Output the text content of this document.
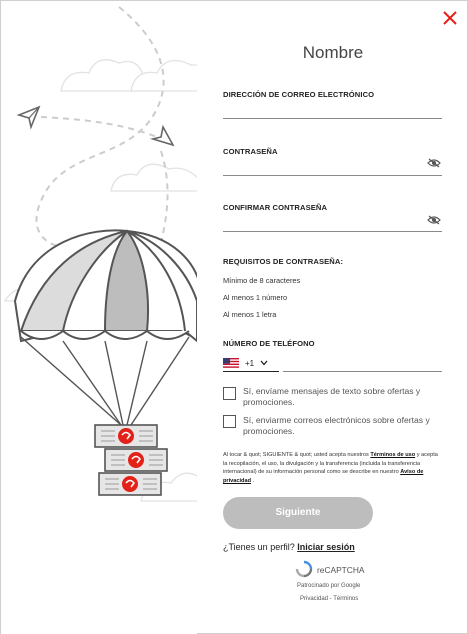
Nombre
DIRECCIÓN DE CORREO ELECTRÓNICO
CONTRASEÑA
CONFIRMAR CONTRASEÑA
REQUISITOS DE CONTRASEÑA:
Mínimo de 8 caracteres
Al menos 1 número
Al menos 1 letra
NÚMERO DE TELÉFONO
+1
Sí, envíame mensajes de texto sobre ofertas y promociones.
Sí, enviarme correos electrónicos sobre ofertas y promociones.
Al tocar & quot; SIGUIENTE & quot; usted acepta nuestros Términos de uso y acepta la recopilación, el uso, la divulgación y la transferencia (incluida la transferencia internacional) de su información personal como se describe en nuestro Aviso de privacidad .
Siguiente
¿Tienes un perfil? Iniciar sesión
reCAPTCHA
Patrocinado por Google
Privacidad - Términos
